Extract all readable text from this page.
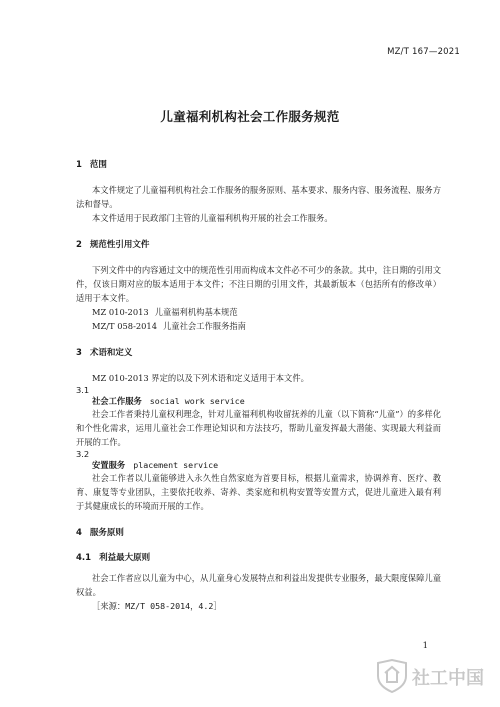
MZ/T 167—2021
儿童福利机构社会工作服务规范
1 范围

本文件规定了儿童福利机构社会工作服务的服务原则、基本要求、服务内容、服务流程、服务方法和督导。

本文件适用于民政部门主管的儿童福利机构开展的社会工作服务。

2 规范性引用文件

下列文件中的内容通过文中的规范性引用而构成本文件必不可少的条款。其中，注日期的引用文件，仅该日期对应的版本适用于本文件；不注日期的引用文件，其最新版本（包括所有的修改单）适用于本文件。

MZ 010-2013 儿童福利机构基本规范

MZ/T 058-2014 儿童社会工作服务指南

3 术语和定义

MZ 010-2013 界定的以及下列术语和定义适用于本文件。

3.1
社会工作服务 social work service

社会工作者秉持儿童权利理念，针对儿童福利机构收留抚养的儿童（以下简称“儿童”）的多样化和个性化需求，运用儿童社会工作理论知识和方法技巧，帮助儿童发挥最大潜能、实现最大利益而开展的工作。

3.2
安置服务 placement service

社会工作者以儿童能够进入永久性自然家庭为首要目标，根据儿童需求，协调养育、医疗、教育、康复等专业团队，主要依托收养、寄养、类家庭和机构安置等安置方式，促进儿童进入最有利于其健康成长的环境而开展的工作。

4 服务原则
4.1 利益最大原则

社会工作者应以儿童为中心，从儿童身心发展特点和利益出发提供专业服务，最大限度保障儿童权益。

［来源：MZ/T 058-2014，4.2］

1
社工中国
